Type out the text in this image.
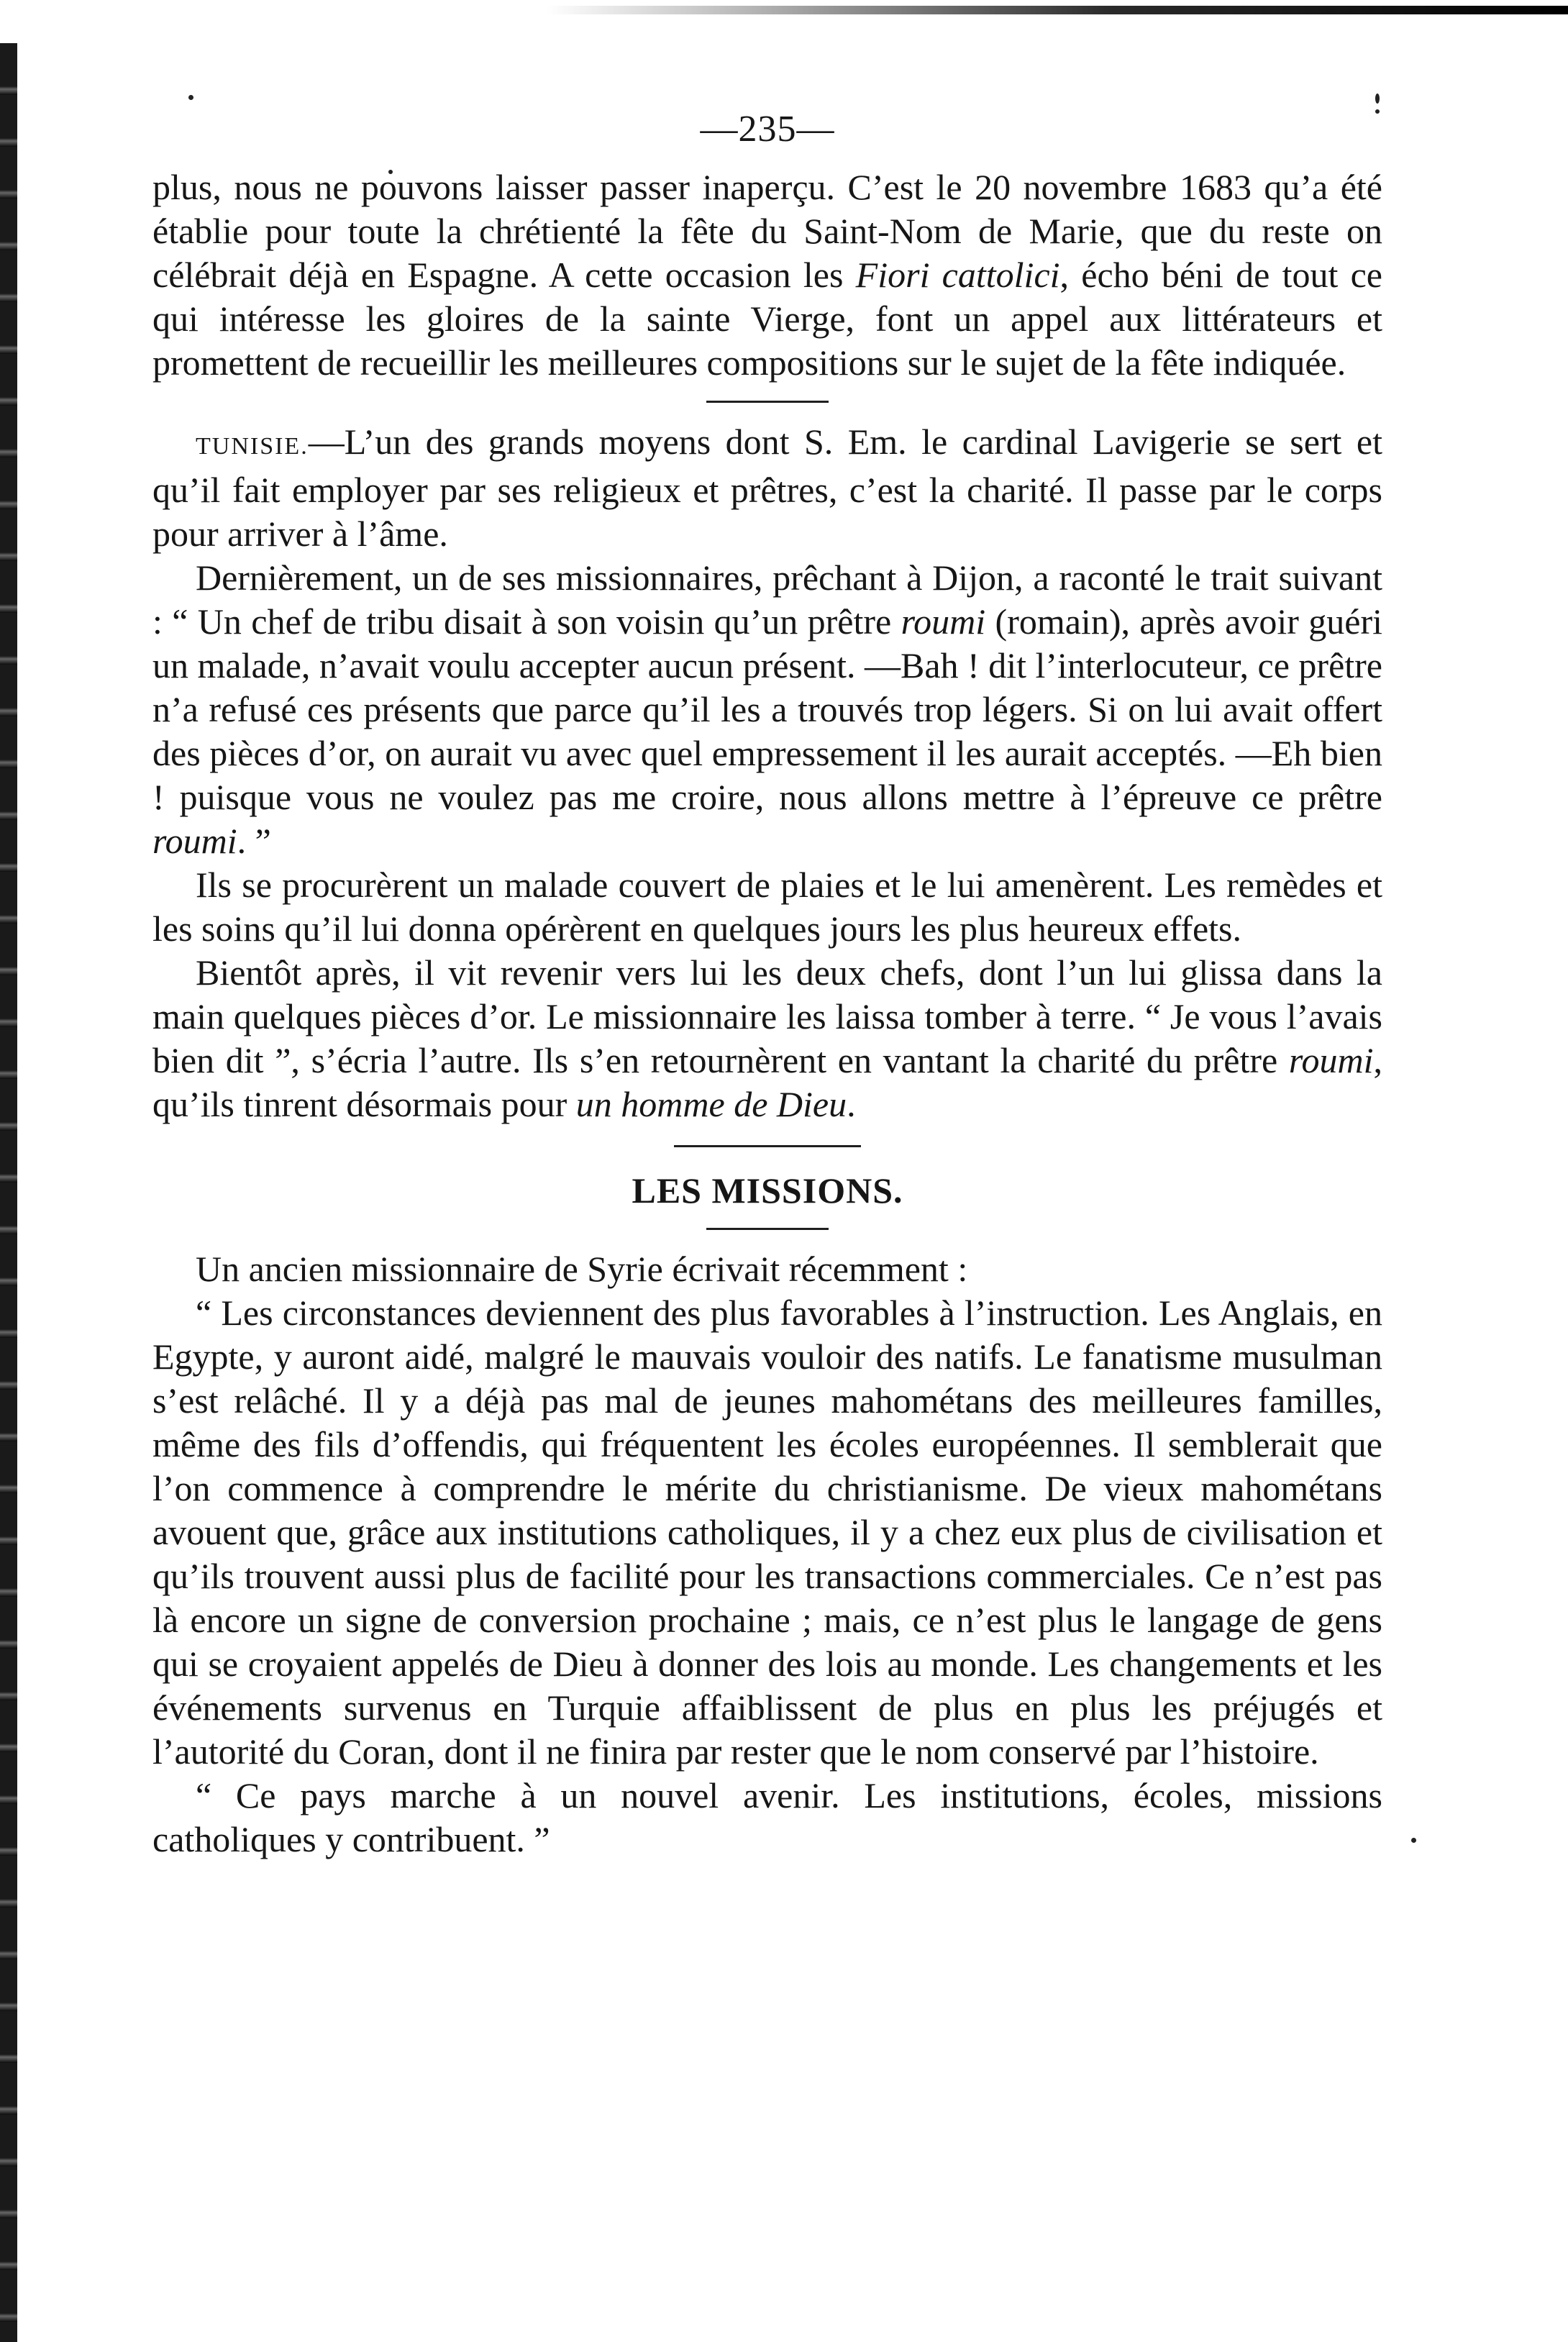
—235—

plus, nous ne pouvons laisser passer inaperçu. C’est le 20 novembre 1683 qu’a été établie pour toute la chrétienté la fête du Saint-Nom de Marie, que du reste on célébrait déjà en Espagne. A cette occasion les Fiori cattolici, écho béni de tout ce qui intéresse les gloires de la sainte Vierge, font un appel aux littérateurs et promettent de recueillir les meilleures compositions sur le sujet de la fête indiquée.

TUNISIE.—L’un des grands moyens dont S. Em. le cardinal Lavigerie se sert et qu’il fait employer par ses religieux et prêtres, c’est la charité. Il passe par le corps pour arriver à l’âme.

Dernièrement, un de ses missionnaires, prêchant à Dijon, a raconté le trait suivant : “ Un chef de tribu disait à son voisin qu’un prêtre roumi (romain), après avoir guéri un malade, n’avait voulu accepter aucun présent. —Bah ! dit l’interlocuteur, ce prêtre n’a refusé ces présents que parce qu’il les a trouvés trop légers. Si on lui avait offert des pièces d’or, on aurait vu avec quel empressement il les aurait acceptés. —Eh bien ! puisque vous ne voulez pas me croire, nous allons mettre à l’épreuve ce prêtre roumi. ”

Ils se procurèrent un malade couvert de plaies et le lui amenèrent. Les remèdes et les soins qu’il lui donna opérèrent en quelques jours les plus heureux effets.

Bientôt après, il vit revenir vers lui les deux chefs, dont l’un lui glissa dans la main quelques pièces d’or. Le missionnaire les laissa tomber à terre. “ Je vous l’avais bien dit ”, s’écria l’autre. Ils s’en retournèrent en vantant la charité du prêtre roumi, qu’ils tinrent désormais pour un homme de Dieu.

LES MISSIONS.

Un ancien missionnaire de Syrie écrivait récemment :

“ Les circonstances deviennent des plus favorables à l’instruction. Les Anglais, en Egypte, y auront aidé, malgré le mauvais vouloir des natifs. Le fanatisme musulman s’est relâché. Il y a déjà pas mal de jeunes mahométans des meilleures familles, même des fils d’offendis, qui fréquentent les écoles européennes. Il semblerait que l’on commence à comprendre le mérite du christianisme. De vieux mahométans avouent que, grâce aux institutions catholiques, il y a chez eux plus de civilisation et qu’ils trouvent aussi plus de facilité pour les transactions commerciales. Ce n’est pas là encore un signe de conversion prochaine ; mais, ce n’est plus le langage de gens qui se croyaient appelés de Dieu à donner des lois au monde. Les changements et les événements survenus en Turquie affaiblissent de plus en plus les préjugés et l’autorité du Coran, dont il ne finira par rester que le nom conservé par l’histoire.

“ Ce pays marche à un nouvel avenir. Les institutions, écoles, missions catholiques y contribuent. ”
